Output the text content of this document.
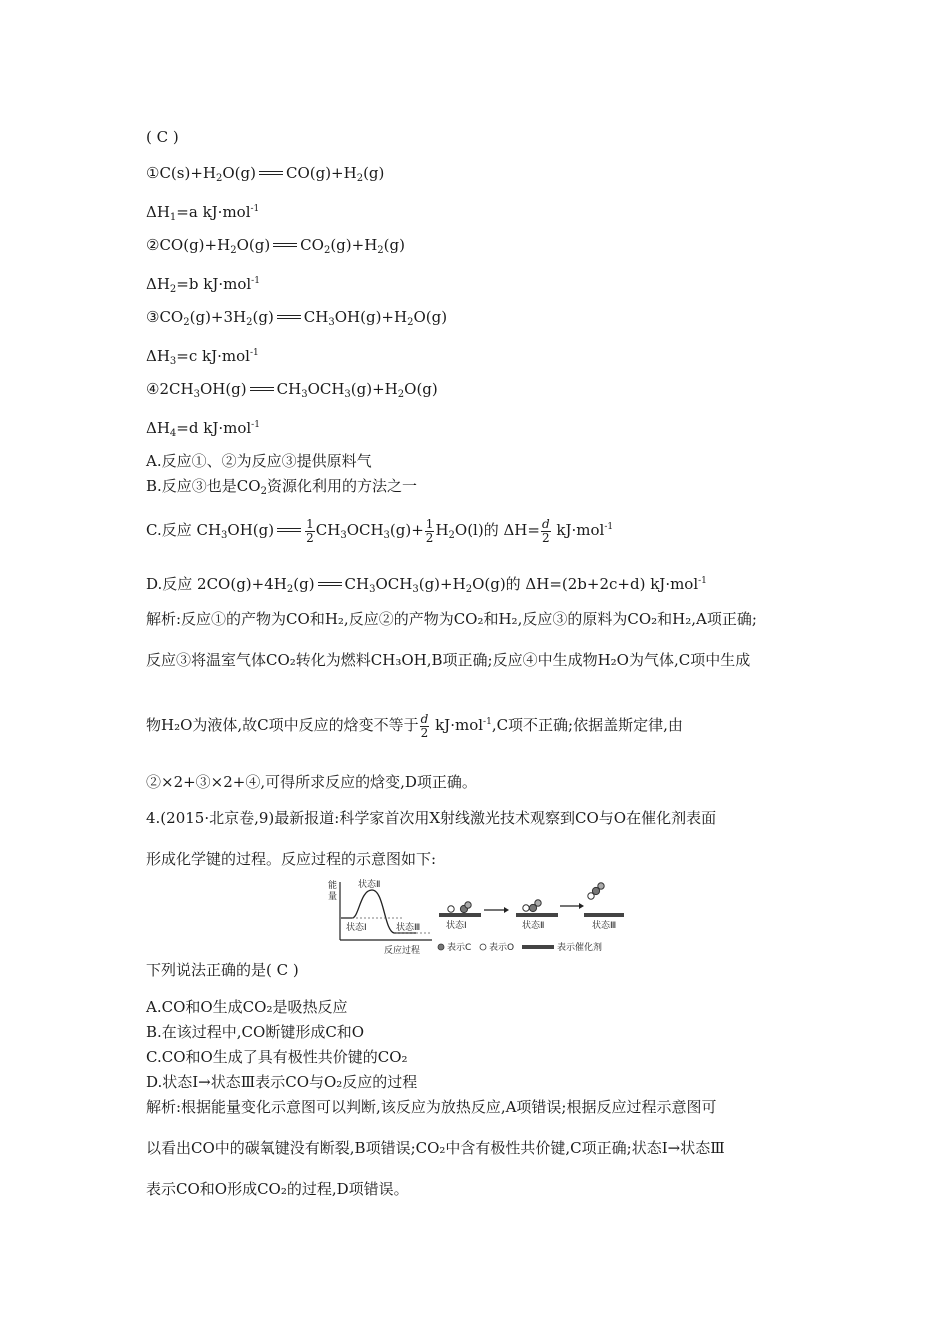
( C )
$①C(s)+H_2O(g)$ $CO(g)+H_2(g)$
$\Delta H_1=a$ kJ·mol$^{-1}$
$②CO(g)+H_2O(g)$ $CO_2(g)+H_2(g)$
$\Delta H_2=b$ kJ·mol$^{-1}$
$③CO_2(g)+3H_2(g)$ $CH_3OH(g)+H_2O(g)$
$\Delta H_3=c$ kJ·mol$^{-1}$
$④2CH_3OH(g)$ $CH_3OCH_3(g)+H_2O(g)$
$\Delta H_4=d$ kJ·mol$^{-1}$
A.反应①、②为反应③提供原料气
B.反应③也是$CO_2$资源化利用的方法之一
C.反应 $CH_3OH(g)$	$\frac{1}{2} CH_3OCH_3(g)+ \frac{1}{2} H_2O(l)$的 $\Delta H= \frac{d}{2} kJ\cdot mol^{-1}$
D.反应 $2CO(g)+4H_2(g)$ $CH_3OCH_3(g)+H_2O(g)$的 ΔH=(2b+2c+d) kJ·mol$^{-1}$
解析:反应①的产物为CO和H₂,反应②的产物为CO₂和H₂,反应③的原料为CO₂和H₂,A项正确;
反应③将温室气体CO₂转化为燃料CH₃OH,B项正确;反应④中生成物H₂O为气体,C项中生成
物H₂O为液体,故C项中反应的焓变不等于 $\frac{d}{2} kJ\cdot mol^{-1},C$项不正确;依据盖斯定律,由
②×2+③×2+④,可得所求反应的焓变,D项正确。
4.(2015·北京卷,9)最新报道:科学家首次用X射线激光技术观察到CO与O在催化剂表面
形成化学键的过程。反应过程的示意图如下:
能
量
状态Ⅱ
状态Ⅰ	状态Ⅲ
反应过程
状态Ⅰ	状态Ⅱ	状态Ⅲ
表示C 表示O	表示催化剂
下列说法正确的是( C )
A.CO和O生成CO₂是吸热反应
B.在该过程中,CO断键形成C和O
C.CO和O生成了具有极性共价键的CO₂
D.状态Ⅰ→状态Ⅲ表示CO与O₂反应的过程
解析:根据能量变化示意图可以判断,该反应为放热反应,A项错误;根据反应过程示意图可
以看出CO中的碳氧键没有断裂,B项错误;CO₂中含有极性共价键,C项正确;状态Ⅰ→状态Ⅲ
表示CO和O形成CO₂的过程,D项错误。
